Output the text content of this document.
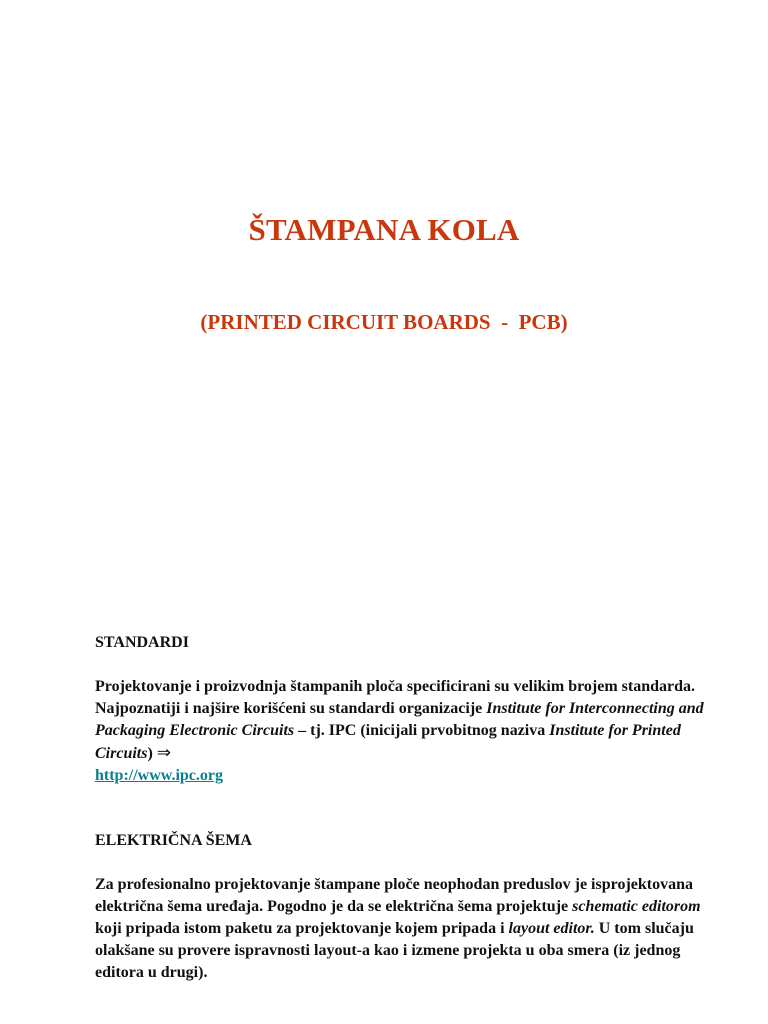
ŠTAMPANA KOLA
(PRINTED CIRCUIT BOARDS  -  PCB)

STANDARDI

Projektovanje i proizvodnja štampanih ploča specificirani su velikim brojem standarda. Najpoznatiji i najšire korišćeni su standardi organizacije Institute for Interconnecting and Packaging Electronic Circuits – tj. IPC (inicijali prvobitnog naziva Institute for Printed Circuits) ⇒
http://www.ipc.org

ELEKTRIČNA ŠEMA

Za profesionalno projektovanje štampane ploče neophodan preduslov je isprojektovana električna šema uređaja. Pogodno je da se električna šema projektuje schematic editorom koji pripada istom paketu za projektovanje kojem pripada i layout editor. U tom slučaju olakšane su provere ispravnosti layout-a kao i izmene projekta u oba smera (iz jednog editora u drugi).
